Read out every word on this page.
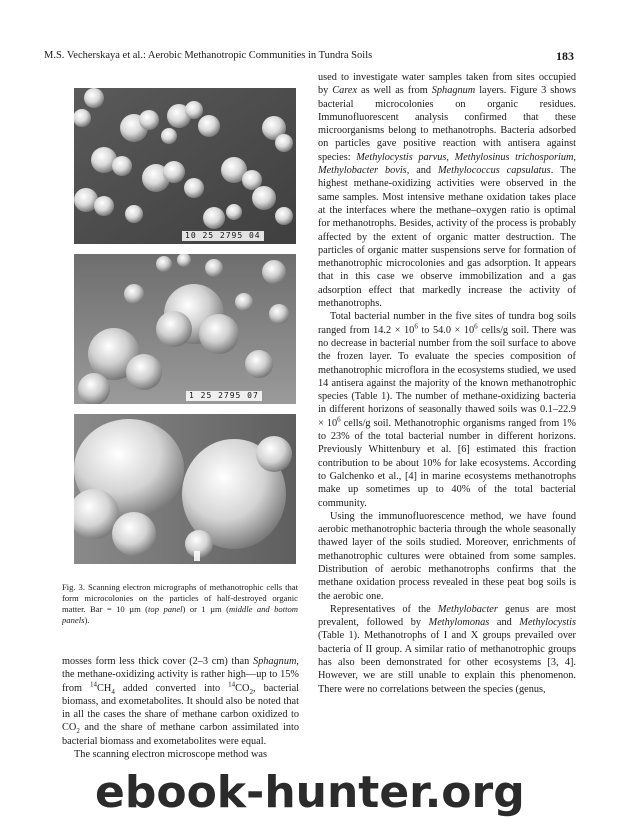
M.S. Vecherskaya et al.: Aerobic Methanotropic Communities in Tundra Soils	183
10 25 2795 04
1 25 2795 07
Fig. 3. Scanning electron micrographs of methanotrophic cells that form microcolonies on the particles of half-destroyed organic matter. Bar = 10 µm (top panel) or 1 µm (middle and bottom panels).

mosses form less thick cover (2–3 cm) than Sphagnum, the methane-oxidizing activity is rather high—up to 15% from $^{14}CH_4$ added converted into $^{14}CO_2$, bacterial biomass, and exometabolites. It should also be noted that in all the cases the share of methane carbon oxidized to $CO_2$ and the share of methane carbon assimilated into bacterial biomass and exometabolites were equal.

The scanning electron microscope method was

used to investigate water samples taken from sites occupied by Carex as well as from Sphagnum layers. Figure 3 shows bacterial microcolonies on organic residues. Immunofluorescent analysis confirmed that these microorganisms belong to methanotrophs. Bacteria adsorbed on particles gave positive reaction with antisera against species: Methylocystis parvus, Methylosinus trichosporium, Methylobacter bovis, and Methylococcus capsulatus. The highest methane-oxidizing activities were observed in the same samples. Most intensive methane oxidation takes place at the interfaces where the methane–oxygen ratio is optimal for methanotrophs. Besides, activity of the process is probably affected by the extent of organic matter destruction. The particles of organic matter suspensions serve for formation of methanotrophic microcolonies and gas adsorption. It appears that in this case we observe immobilization and a gas adsorption effect that markedly increase the activity of methanotrophs.

Total bacterial number in the five sites of tundra bog soils ranged from $14.2 \times 10^6$ to $54.0 \times 10^6$ cells/g soil. There was no decrease in bacterial number from the soil surface to above the frozen layer. To evaluate the species composition of methanotrophic microflora in the ecosystems studied, we used 14 antisera against the majority of the known methanotrophic species (Table 1). The number of methane-oxidizing bacteria in different horizons of seasonally thawed soils was $0.1-22.9 \times 10^6$ cells/g soil. Methanotrophic organisms ranged from 1% to 23% of the total bacterial number in different horizons. Previously Whittenbury et al. [6] estimated this fraction contribution to be about 10% for lake ecosystems. According to Galchenko et al., [4] in marine ecosystems methanotrophs make up sometimes up to 40% of the total bacterial community.

Using the immunofluorescence method, we have found aerobic methanotrophic bacteria through the whole seasonally thawed layer of the soils studied. Moreover, enrichments of methanotrophic cultures were obtained from some samples. Distribution of aerobic methanotrophs confirms that the methane oxidation process revealed in these peat bog soils is the aerobic one.

Representatives of the Methylobacter genus are most prevalent, followed by Methylomonas and Methylocystis (Table 1). Methanotrophs of I and X groups prevailed over bacteria of II group. A similar ratio of methanotrophic groups has also been demonstrated for other ecosystems [3, 4]. However, we are still unable to explain this phenomenon. There were no correlations between the species (genus,

ebook-hunter.org
